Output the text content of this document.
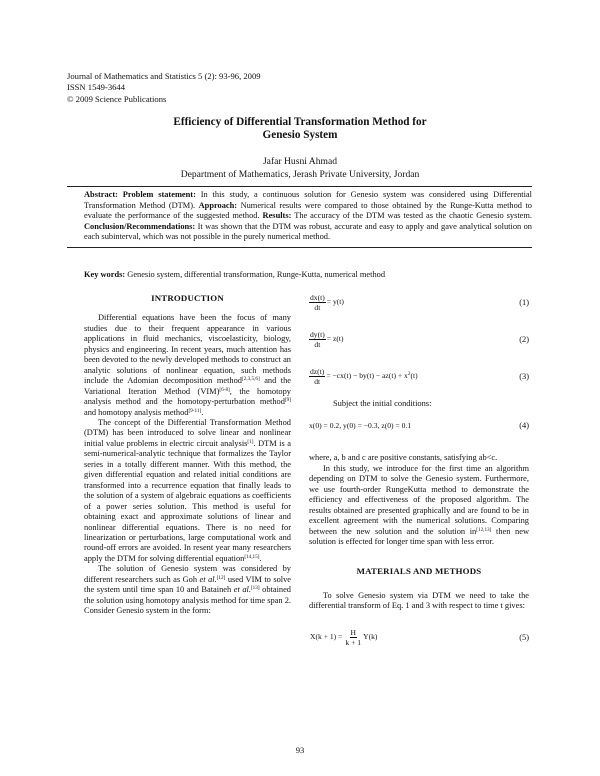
Journal of Mathematics and Statistics 5 (2): 93-96, 2009
ISSN 1549-3644
© 2009 Science Publications
Efficiency of Differential Transformation Method for
Genesio System
Jafar Husni Ahmad
Department of Mathematics, Jerash Private University, Jordan
Abstract: Problem statement: In this study, a continuous solution for Genesio system was considered using Differential Transformation Method (DTM). Approach: Numerical results were compared to those obtained by the Runge-Kutta method to evaluate the performance of the suggested method. Results: The accuracy of the DTM was tested as the chaotic Genesio system. Conclusion/Recommendations: It was shown that the DTM was robust, accurate and easy to apply and gave analytical solution on each subinterval, which was not possible in the purely numerical method.
Key words: Genesio system, differential transformation, Runge-Kutta, numerical method
INTRODUCTION

Differential equations have been the focus of many studies due to their frequent appearance in various applications in fluid mechanics, viscoelasticity, biology, physics and engineering. In recent years, much attention has been devoted to the newly developed methods to construct an analytic solutions of nonlinear equation, such methods include the Adomian decomposition method[2,3,5,6] and the Variational Iteration Method (VIM)[6-8], the homotopy analysis method and the homotopy-perturbation method[9] and homotopy analysis method[9-11].

The concept of the Differential Transformation Method (DTM) has been introduced to solve linear and nonlinear initial value problems in electric circuit analysis[1]. DTM is a semi-numerical-analytic technique that formalizes the Taylor series in a totally different manner. With this method, the given differential equation and related initial conditions are transformed into a recurrence equation that finally leads to the solution of a system of algebraic equations as coefficients of a power series solution. This method is useful for obtaining exact and approximate solutions of linear and nonlinear differential equations. There is no need for linearization or perturbations, large computational work and round-off errors are avoided. In resent year many researchers apply the DTM for solving differential equation[14,15].

The solution of Genesio system was considered by different researchers such as Goh et al.[12] used VIM to solve the system until time span 10 and Bataineh et al.[13] obtained the solution using homotopy analysis method for time span 2. Consider Genesio system in the form:

$\frac{dx(t)}{dt} = y(t)$	(1)
$\frac{dy(t)}{dt} = z(t)$	(2)
$\frac{dz(t)}{dt} = -cx(t) - by(t) - az(t) + x^2(t)$	(3)

Subject the initial conditions:

x(0) = 0.2, y(0) = −0.3, z(0) = 0.1	(4)

where, a, b and c are positive constants, satisfying ab<c.

In this study, we introduce for the first time an algorithm depending on DTM to solve the Genesio system. Furthermore, we use fourth-order RungeKutta method to demonstrate the efficiency and effectiveness of the proposed algorithm. The results obtained are presented graphically and are found to be in excellent agreement with the numerical solutions. Comparing between the new solution and the solution in[12,13] then new solution is effected for longer time span with less error.

MATERIALS AND METHODS

To solve Genesio system via DTM we need to take the differential transform of Eq. 1 and 3 with respect to time t gives:

$X(k + 1) = \frac{H}{k + 1} Y(k)$	(5)
93
